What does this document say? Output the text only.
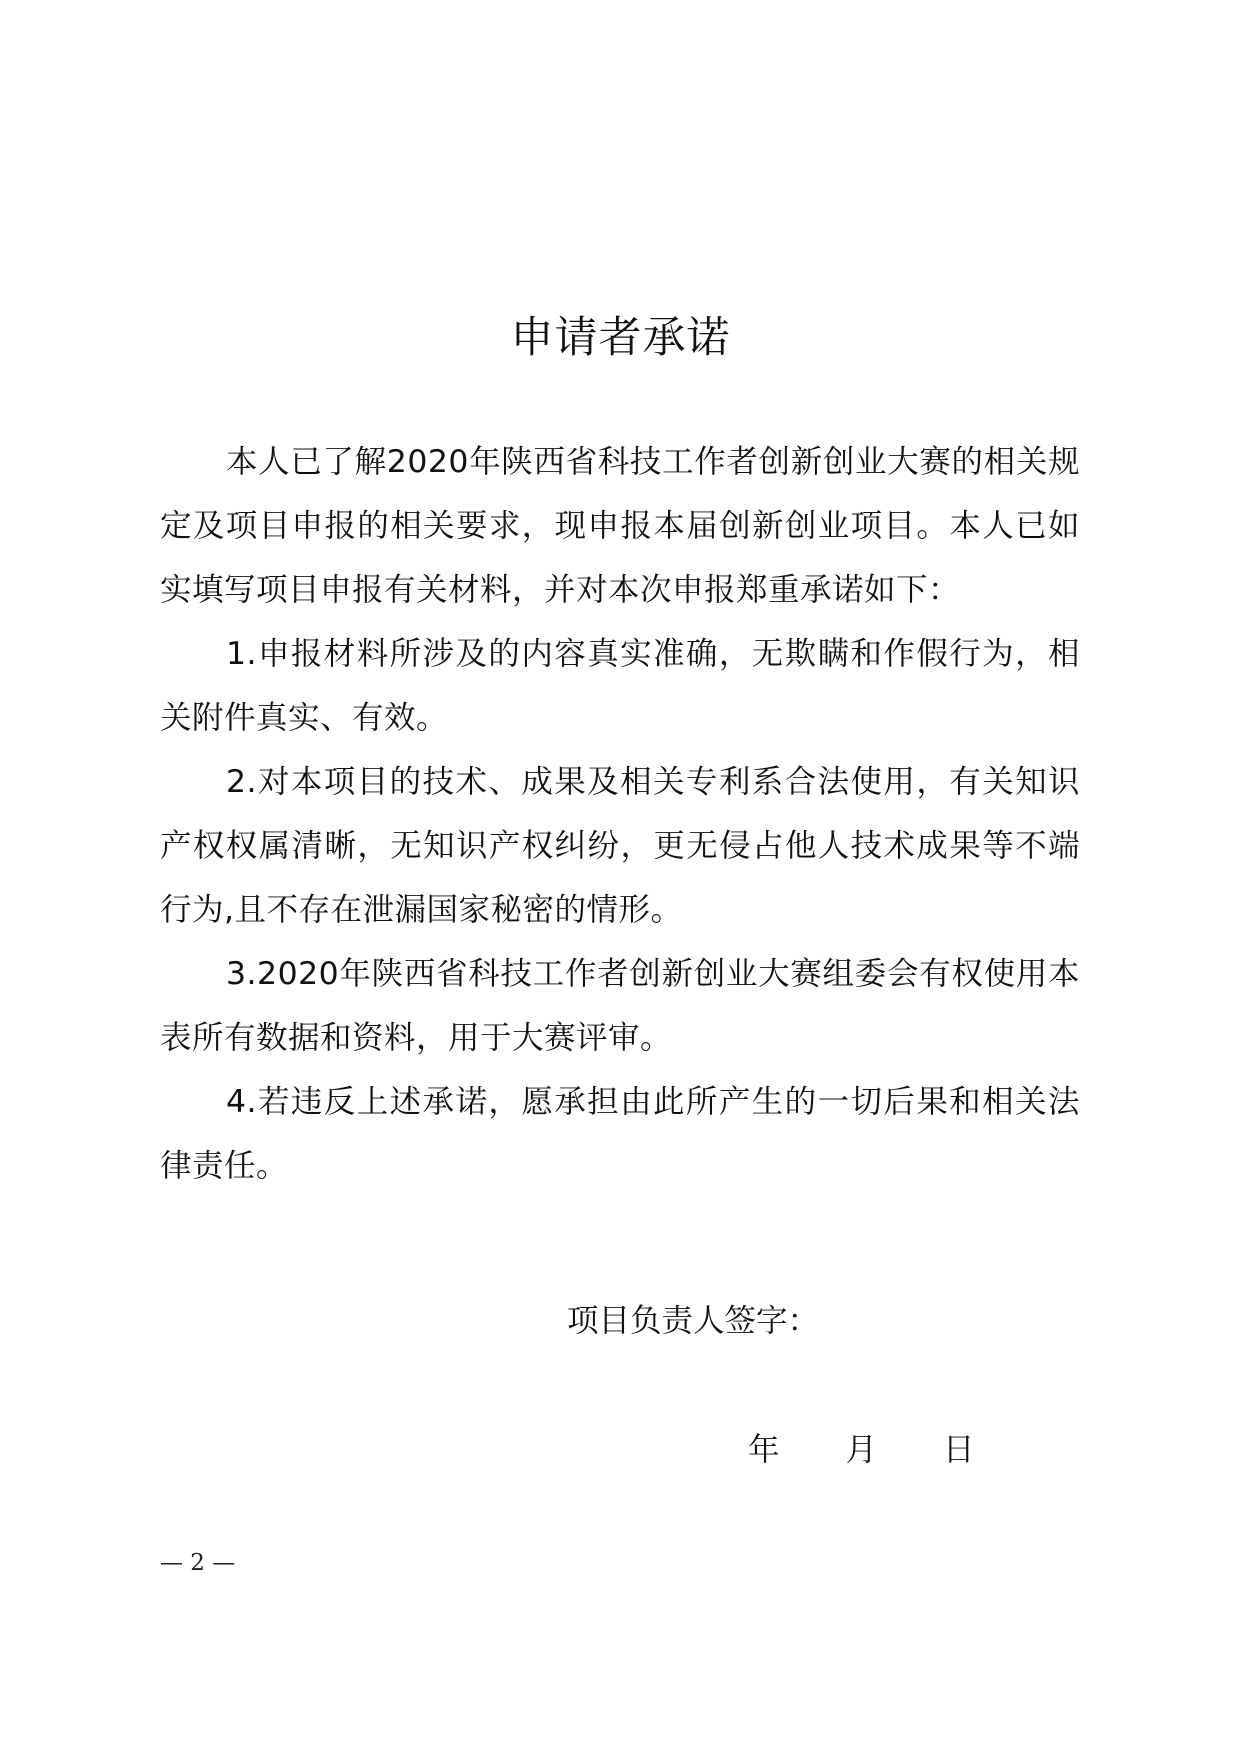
申请者承诺

本人已了解2020年陕西省科技工作者创新创业大赛的相关规定及项目申报的相关要求，现申报本届创新创业项目。本人已如实填写项目申报有关材料，并对本次申报郑重承诺如下：

1.申报材料所涉及的内容真实准确，无欺瞒和作假行为，相关附件真实、有效。

2.对本项目的技术、成果及相关专利系合法使用，有关知识产权权属清晰，无知识产权纠纷，更无侵占他人技术成果等不端行为,且不存在泄漏国家秘密的情形。

3.2020年陕西省科技工作者创新创业大赛组委会有权使用本表所有数据和资料，用于大赛评审。

4.若违反上述承诺，愿承担由此所产生的一切后果和相关法律责任。

项目负责人签字：
年 月 日
— 2 —
